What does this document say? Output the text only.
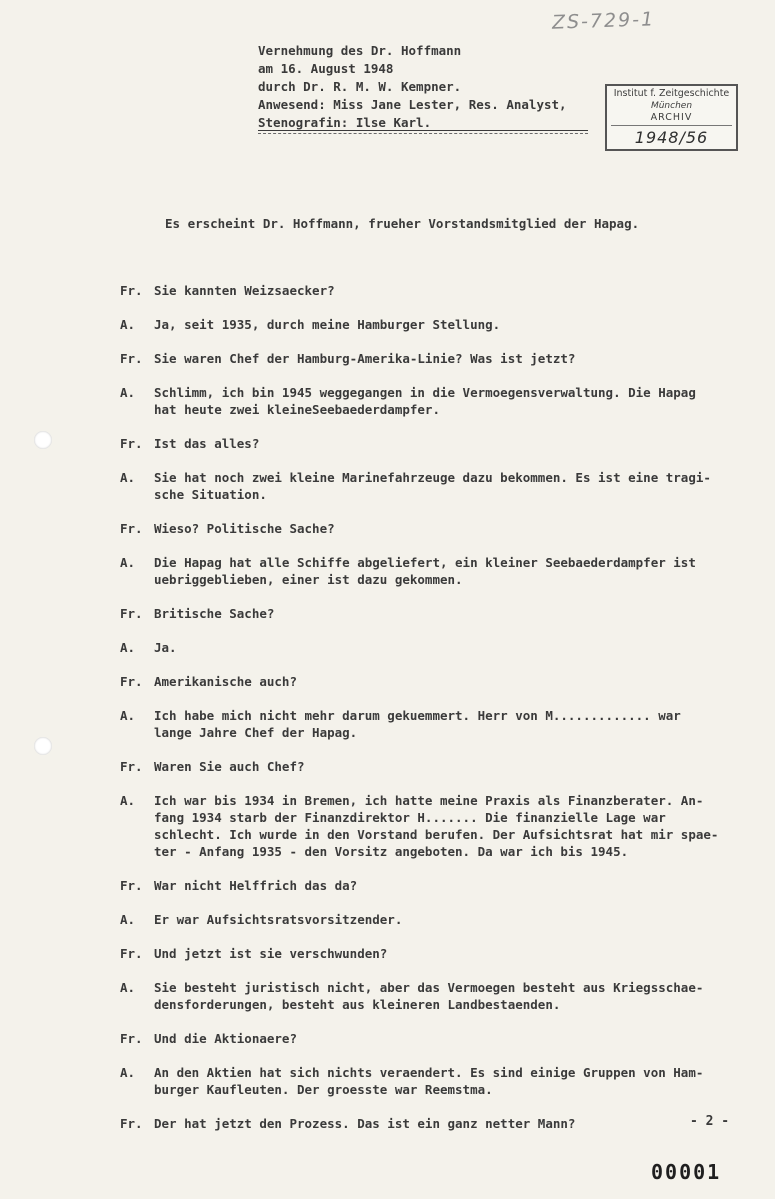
ZS-729-1
Vernehmung des Dr. Hoffmann
am 16. August 1948
durch Dr. R. M. W. Kempner.
Anwesend: Miss Jane Lester, Res. Analyst,
Stenografin: Ilse Karl.
Institut f. Zeitgeschichte
München
ARCHIV
1948/56
Es erscheint Dr. Hoffmann, frueher Vorstandsmitglied der Hapag.
Fr. Sie kannten Weizsaecker?
A.	Ja, seit 1935, durch meine Hamburger Stellung.
Fr. Sie waren Chef der Hamburg-Amerika-Linie? Was ist jetzt?
A.	Schlimm, ich bin 1945 weggegangen in die Vermoegensverwaltung. Die Hapag
hat heute zwei kleineSeebaederdampfer.
Fr. Ist das alles?
A.	Sie hat noch zwei kleine Marinefahrzeuge dazu bekommen. Es ist eine tragi-
sche Situation.
Fr. Wieso? Politische Sache?
A.	Die Hapag hat alle Schiffe abgeliefert, ein kleiner Seebaederdampfer ist
uebriggeblieben, einer ist dazu gekommen.
Fr. Britische Sache?
A.	Ja.
Fr. Amerikanische auch?
A.	Ich habe mich nicht mehr darum gekuemmert. Herr von M............. war
lange Jahre Chef der Hapag.
Fr. Waren Sie auch Chef?
A.	Ich war bis 1934 in Bremen, ich hatte meine Praxis als Finanzberater. An-
fang 1934 starb der Finanzdirektor H....... Die finanzielle Lage war
schlecht. Ich wurde in den Vorstand berufen. Der Aufsichtsrat hat mir spae-
ter - Anfang 1935 - den Vorsitz angeboten. Da war ich bis 1945.
Fr. War nicht Helffrich das da?
A.	Er war Aufsichtsratsvorsitzender.
Fr. Und jetzt ist sie verschwunden?
A.	Sie besteht juristisch nicht, aber das Vermoegen besteht aus Kriegsschae-
densforderungen, besteht aus kleineren Landbestaenden.
Fr. Und die Aktionaere?
A.	An den Aktien hat sich nichts veraendert. Es sind einige Gruppen von Ham-
burger Kaufleuten. Der groesste war Reemstma.
Fr. Der hat jetzt den Prozess. Das ist ein ganz netter Mann?	- 2 -
00001
